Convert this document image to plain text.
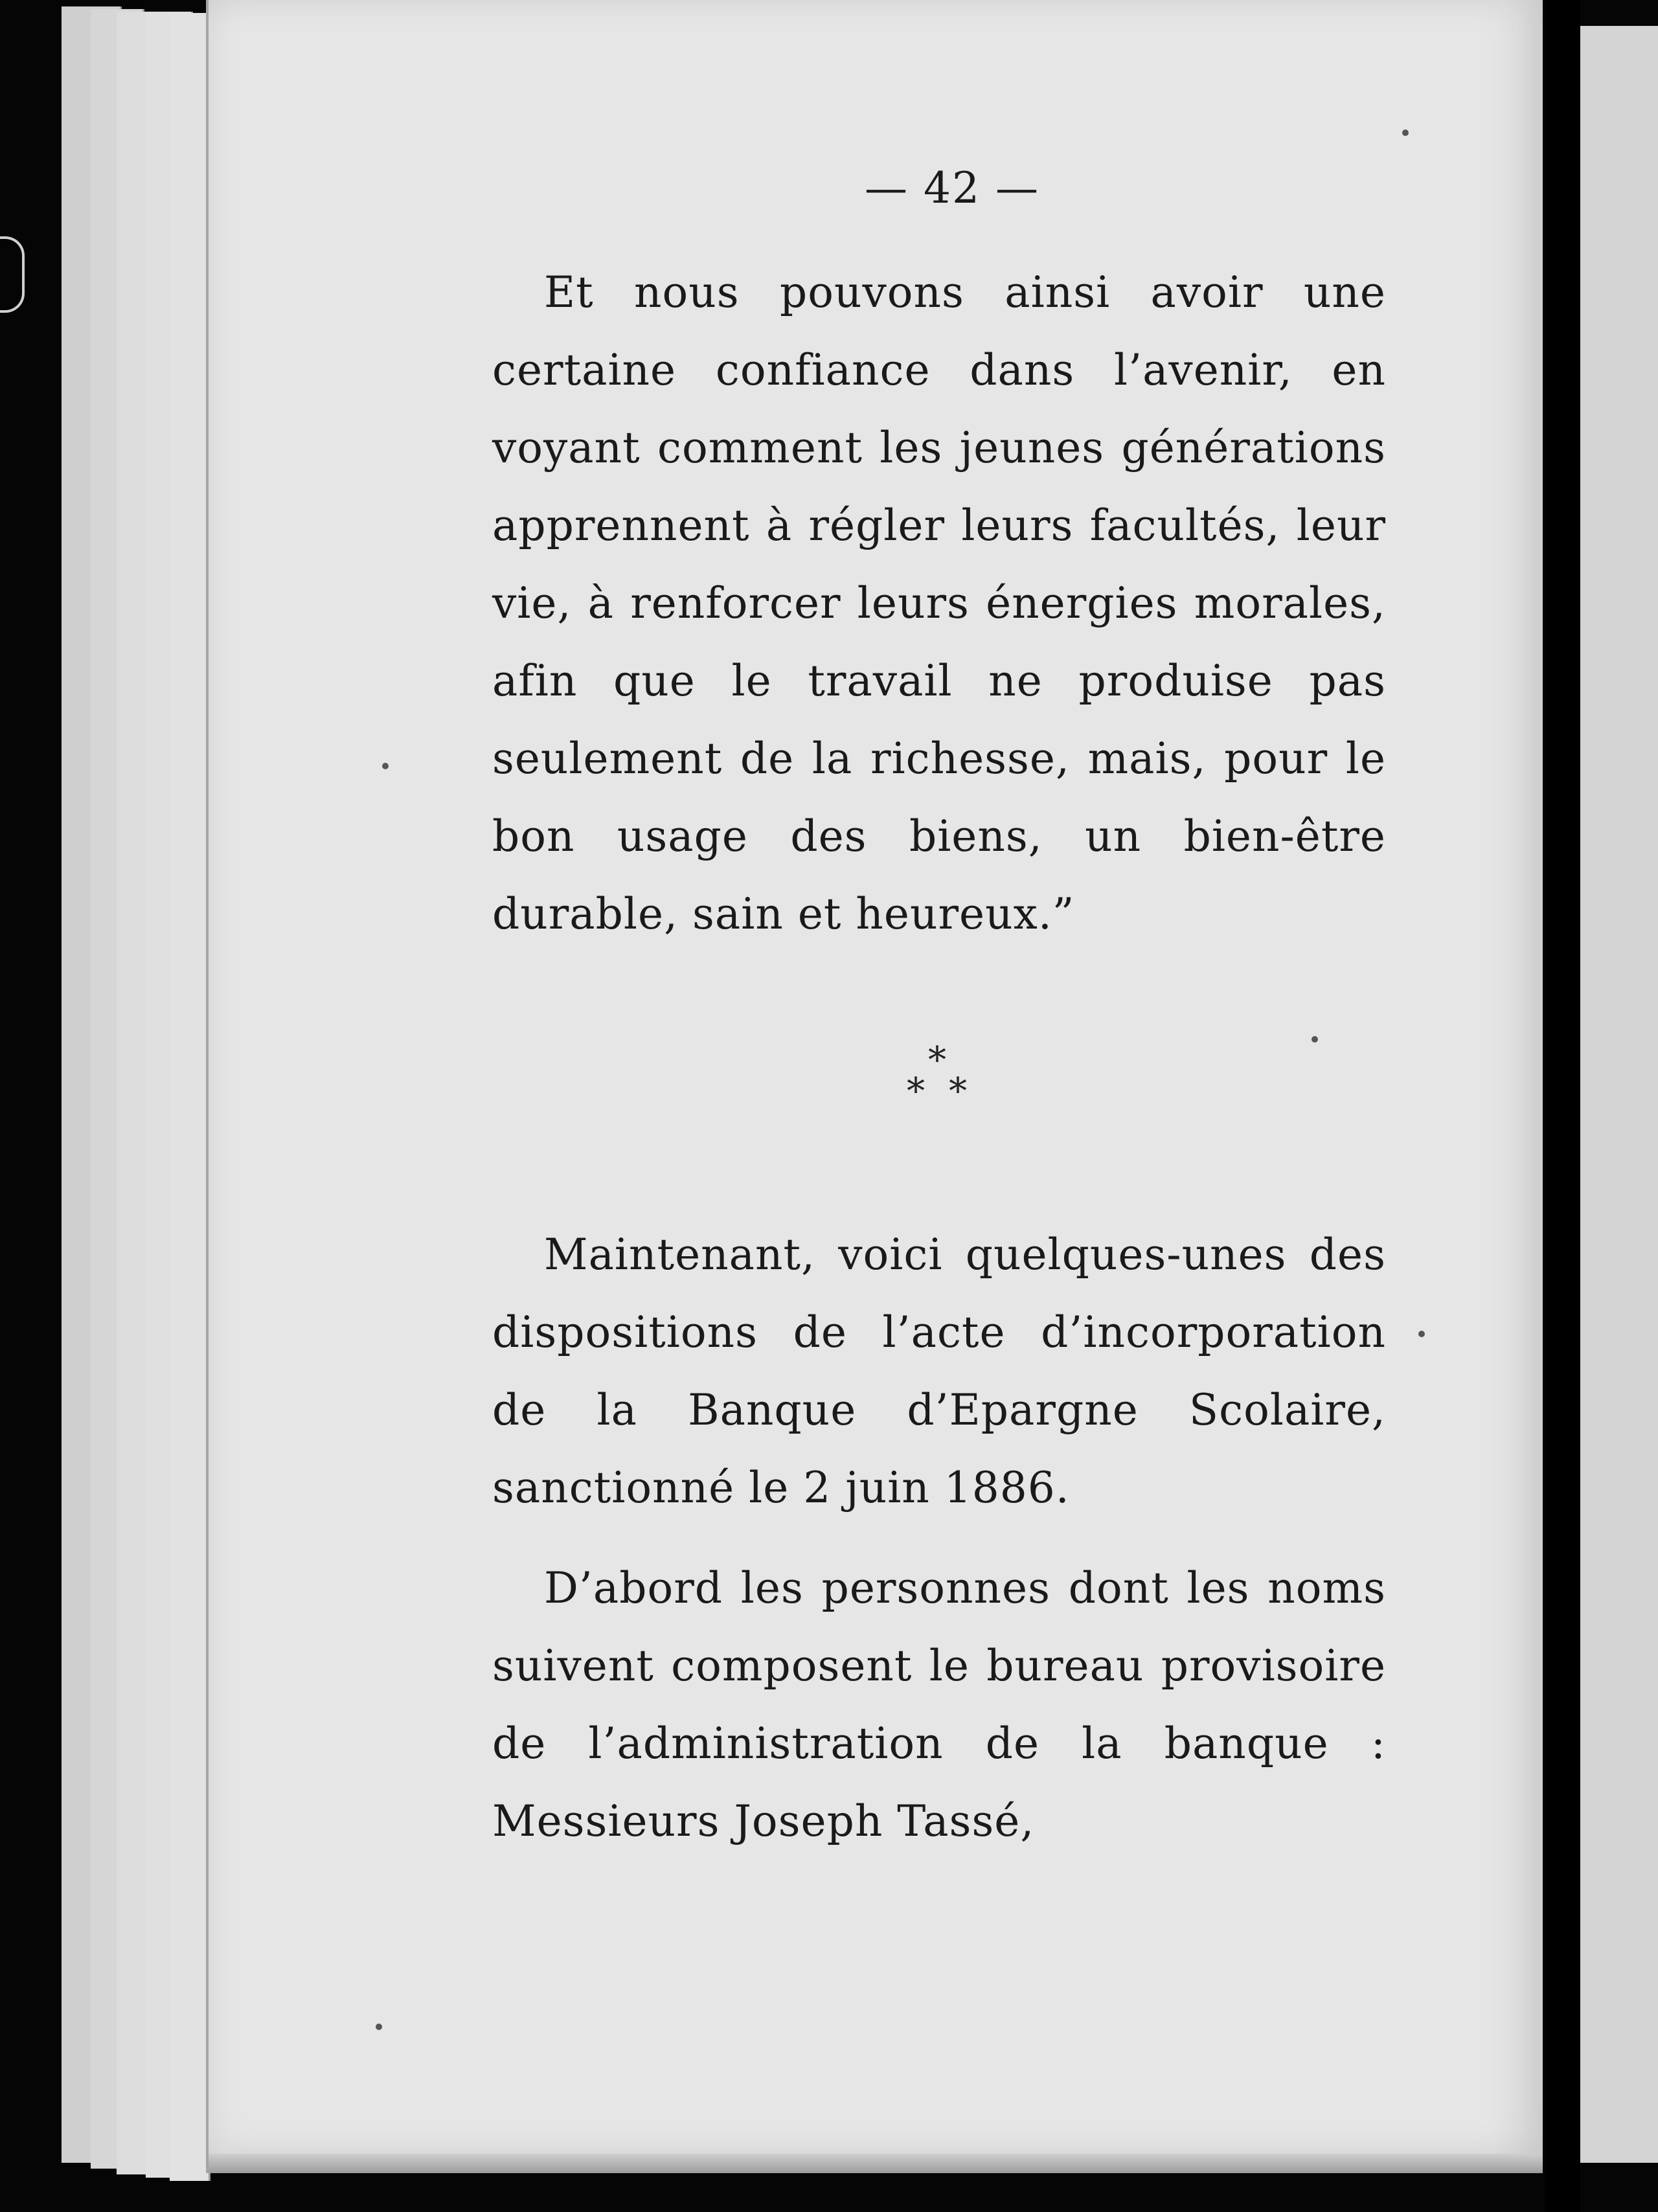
— 42 —

Et nous pouvons ainsi avoir une certaine confiance dans l’avenir, en voyant comment les jeunes générations apprennent à régler leurs facultés, leur vie, à renforcer leurs énergies morales, afin que le travail ne produise pas seulement de la richesse, mais, pour le bon usage des biens, un bien-être durable, sain et heureux.”

*
* *

Maintenant, voici quelques-unes des dispositions de l’acte d’incorporation de la Banque d’Epargne Scolaire, sanctionné le 2 juin 1886.

D’abord les personnes dont les noms suivent composent le bureau provisoire de l’administration de la banque : Messieurs Joseph Tassé,
